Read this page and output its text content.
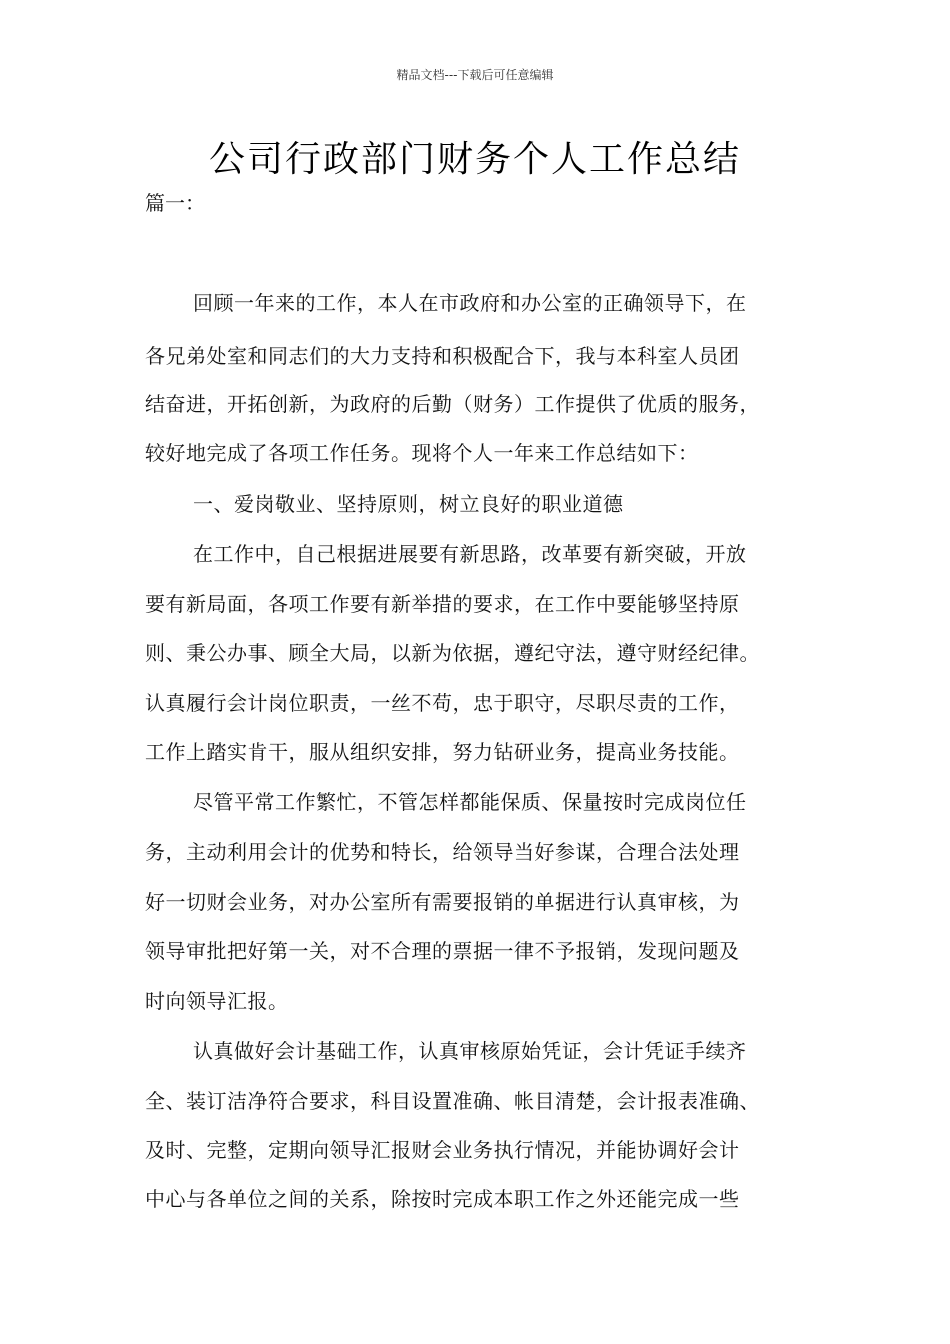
精品文档---下载后可任意编辑
公司行政部门财务个人工作总结
篇一：
回顾一年来的工作，本人在市政府和办公室的正确领导下，在
各兄弟处室和同志们的大力支持和积极配合下，我与本科室人员团
结奋进，开拓创新，为政府的后勤（财务）工作提供了优质的服务，
较好地完成了各项工作任务。现将个人一年来工作总结如下：
一、爱岗敬业、坚持原则，树立良好的职业道德
在工作中，自己根据进展要有新思路，改革要有新突破，开放
要有新局面，各项工作要有新举措的要求，在工作中要能够坚持原
则、秉公办事、顾全大局，以新为依据，遵纪守法，遵守财经纪律。
认真履行会计岗位职责，一丝不苟，忠于职守，尽职尽责的工作，
工作上踏实肯干，服从组织安排，努力钻研业务，提高业务技能。
尽管平常工作繁忙，不管怎样都能保质、保量按时完成岗位任
务，主动利用会计的优势和特长，给领导当好参谋，合理合法处理
好一切财会业务，对办公室所有需要报销的单据进行认真审核，为
领导审批把好第一关，对不合理的票据一律不予报销，发现问题及
时向领导汇报。
认真做好会计基础工作，认真审核原始凭证，会计凭证手续齐
全、装订洁净符合要求，科目设置准确、帐目清楚，会计报表准确、
及时、完整，定期向领导汇报财会业务执行情况，并能协调好会计
中心与各单位之间的关系，除按时完成本职工作之外还能完成一些
